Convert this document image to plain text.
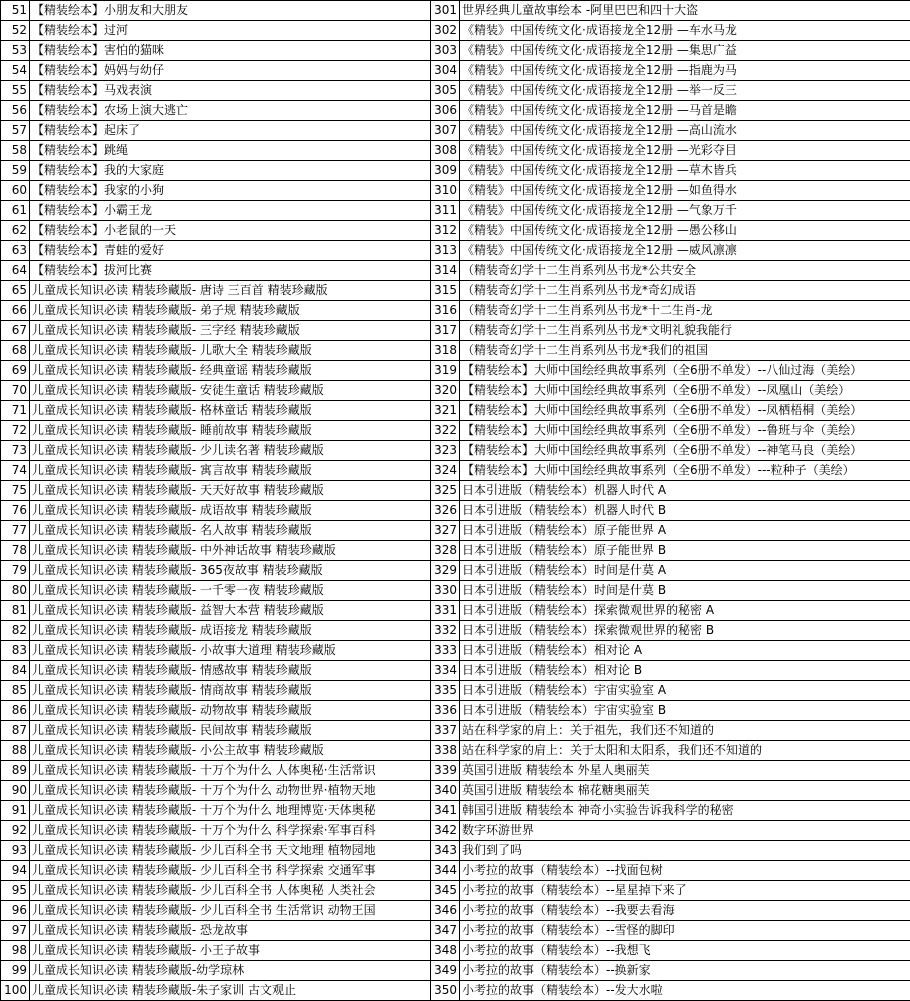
51	【精装绘本】小朋友和大朋友	301	世界经典儿童故事绘本 -阿里巴巴和四十大盗
52	【精装绘本】过河	302	《精装》中国传统文化·成语接龙全12册 —车水马龙
53	【精装绘本】害怕的猫咪	303	《精装》中国传统文化·成语接龙全12册 —集思广益
54	【精装绘本】妈妈与幼仔	304	《精装》中国传统文化·成语接龙全12册 —指鹿为马
55	【精装绘本】马戏表演	305	《精装》中国传统文化·成语接龙全12册 —举一反三
56	【精装绘本】农场上演大逃亡	306	《精装》中国传统文化·成语接龙全12册 —马首是瞻
57	【精装绘本】起床了	307	《精装》中国传统文化·成语接龙全12册 —高山流水
58	【精装绘本】跳绳	308	《精装》中国传统文化·成语接龙全12册 —光彩夺目
59	【精装绘本】我的大家庭	309	《精装》中国传统文化·成语接龙全12册 —草木皆兵
60	【精装绘本】我家的小狗	310	《精装》中国传统文化·成语接龙全12册 —如鱼得水
61	【精装绘本】小霸王龙	311	《精装》中国传统文化·成语接龙全12册 —气象万千
62	【精装绘本】小老鼠的一天	312	《精装》中国传统文化·成语接龙全12册 —愚公移山
63	【精装绘本】青蛙的爱好	313	《精装》中国传统文化·成语接龙全12册 —威风凛凛
64	【精装绘本】拔河比赛	314	（精装奇幻学十二生肖系列丛书龙*公共安全
65	儿童成长知识必读 精装珍藏版- 唐诗 三百首 精装珍藏版	315	（精装奇幻学十二生肖系列丛书龙*奇幻成语
66	儿童成长知识必读 精装珍藏版- 弟子规 精装珍藏版	316	（精装奇幻学十二生肖系列丛书龙*十二生肖-龙
67	儿童成长知识必读 精装珍藏版- 三字经 精装珍藏版	317	（精装奇幻学十二生肖系列丛书龙*文明礼貌我能行
68	儿童成长知识必读 精装珍藏版- 儿歌大全 精装珍藏版	318	（精装奇幻学十二生肖系列丛书龙*我们的祖国
69	儿童成长知识必读 精装珍藏版- 经典童谣 精装珍藏版	319	【精装绘本】大师中国绘经典故事系列（全6册不单发）--八仙过海（美绘）
70	儿童成长知识必读 精装珍藏版- 安徒生童话 精装珍藏版	320	【精装绘本】大师中国绘经典故事系列（全6册不单发）--凤凰山（美绘）
71	儿童成长知识必读 精装珍藏版- 格林童话 精装珍藏版	321	【精装绘本】大师中国绘经典故事系列（全6册不单发）--凤栖梧桐（美绘）
72	儿童成长知识必读 精装珍藏版- 睡前故事 精装珍藏版	322	【精装绘本】大师中国绘经典故事系列（全6册不单发）--鲁班与伞（美绘）
73	儿童成长知识必读 精装珍藏版- 少儿读名著 精装珍藏版	323	【精装绘本】大师中国绘经典故事系列（全6册不单发）--神笔马良（美绘）
74	儿童成长知识必读 精装珍藏版- 寓言故事 精装珍藏版	324	【精装绘本】大师中国绘经典故事系列（全6册不单发）---粒种子（美绘）
75	儿童成长知识必读 精装珍藏版- 天天好故事 精装珍藏版	325	日本引进版（精装绘本）机器人时代 A
76	儿童成长知识必读 精装珍藏版- 成语故事 精装珍藏版	326	日本引进版（精装绘本）机器人时代 B
77	儿童成长知识必读 精装珍藏版- 名人故事 精装珍藏版	327	日本引进版（精装绘本）原子能世界 A
78	儿童成长知识必读 精装珍藏版- 中外神话故事 精装珍藏版	328	日本引进版（精装绘本）原子能世界 B
79	儿童成长知识必读 精装珍藏版- 365夜故事 精装珍藏版	329	日本引进版（精装绘本）时间是什莫 A
80	儿童成长知识必读 精装珍藏版- 一千零一夜 精装珍藏版	330	日本引进版（精装绘本）时间是什莫 B
81	儿童成长知识必读 精装珍藏版- 益智大本营 精装珍藏版	331	日本引进版（精装绘本）探索微观世界的秘密 A
82	儿童成长知识必读 精装珍藏版- 成语接龙 精装珍藏版	332	日本引进版（精装绘本）探索微观世界的秘密 B
83	儿童成长知识必读 精装珍藏版- 小故事大道理 精装珍藏版	333	日本引进版（精装绘本）相对论 A
84	儿童成长知识必读 精装珍藏版- 情感故事 精装珍藏版	334	日本引进版（精装绘本）相对论 B
85	儿童成长知识必读 精装珍藏版- 情商故事 精装珍藏版	335	日本引进版（精装绘本）宇宙实验室 A
86	儿童成长知识必读 精装珍藏版- 动物故事 精装珍藏版	336	日本引进版（精装绘本）宇宙实验室 B
87	儿童成长知识必读 精装珍藏版- 民间故事 精装珍藏版	337	站在科学家的肩上：关于祖先，我们还不知道的
88	儿童成长知识必读 精装珍藏版- 小公主故事 精装珍藏版	338	站在科学家的肩上：关于太阳和太阳系，我们还不知道的
89	儿童成长知识必读 精装珍藏版- 十万个为什么 人体奥秘·生活常识	339	英国引进版 精装绘本 外星人奥丽芙
90	儿童成长知识必读 精装珍藏版- 十万个为什么 动物世界·植物天地	340	英国引进版 精装绘本 棉花糖奥丽芙
91	儿童成长知识必读 精装珍藏版- 十万个为什么 地理博览·天体奥秘	341	韩国引进版 精装绘本 神奇小实验告诉我科学的秘密
92	儿童成长知识必读 精装珍藏版- 十万个为什么 科学探索·军事百科	342	数字环游世界
93	儿童成长知识必读 精装珍藏版- 少儿百科全书 天文地理 植物园地	343	我们到了吗
94	儿童成长知识必读 精装珍藏版- 少儿百科全书 科学探索 交通军事	344	小考拉的故事（精装绘本）--找面包树
95	儿童成长知识必读 精装珍藏版- 少儿百科全书 人体奥秘 人类社会	345	小考拉的故事（精装绘本）--星星掉下来了
96	儿童成长知识必读 精装珍藏版- 少儿百科全书 生活常识 动物王国	346	小考拉的故事（精装绘本）--我要去看海
97	儿童成长知识必读 精装珍藏版- 恐龙故事	347	小考拉的故事（精装绘本）--雪怪的脚印
98	儿童成长知识必读 精装珍藏版- 小王子故事	348	小考拉的故事（精装绘本）--我想飞
99	儿童成长知识必读 精装珍藏版-幼学琼林	349	小考拉的故事（精装绘本）--换新家
100	儿童成长知识必读 精装珍藏版-朱子家训 古文观止	350	小考拉的故事（精装绘本）--发大水啦
